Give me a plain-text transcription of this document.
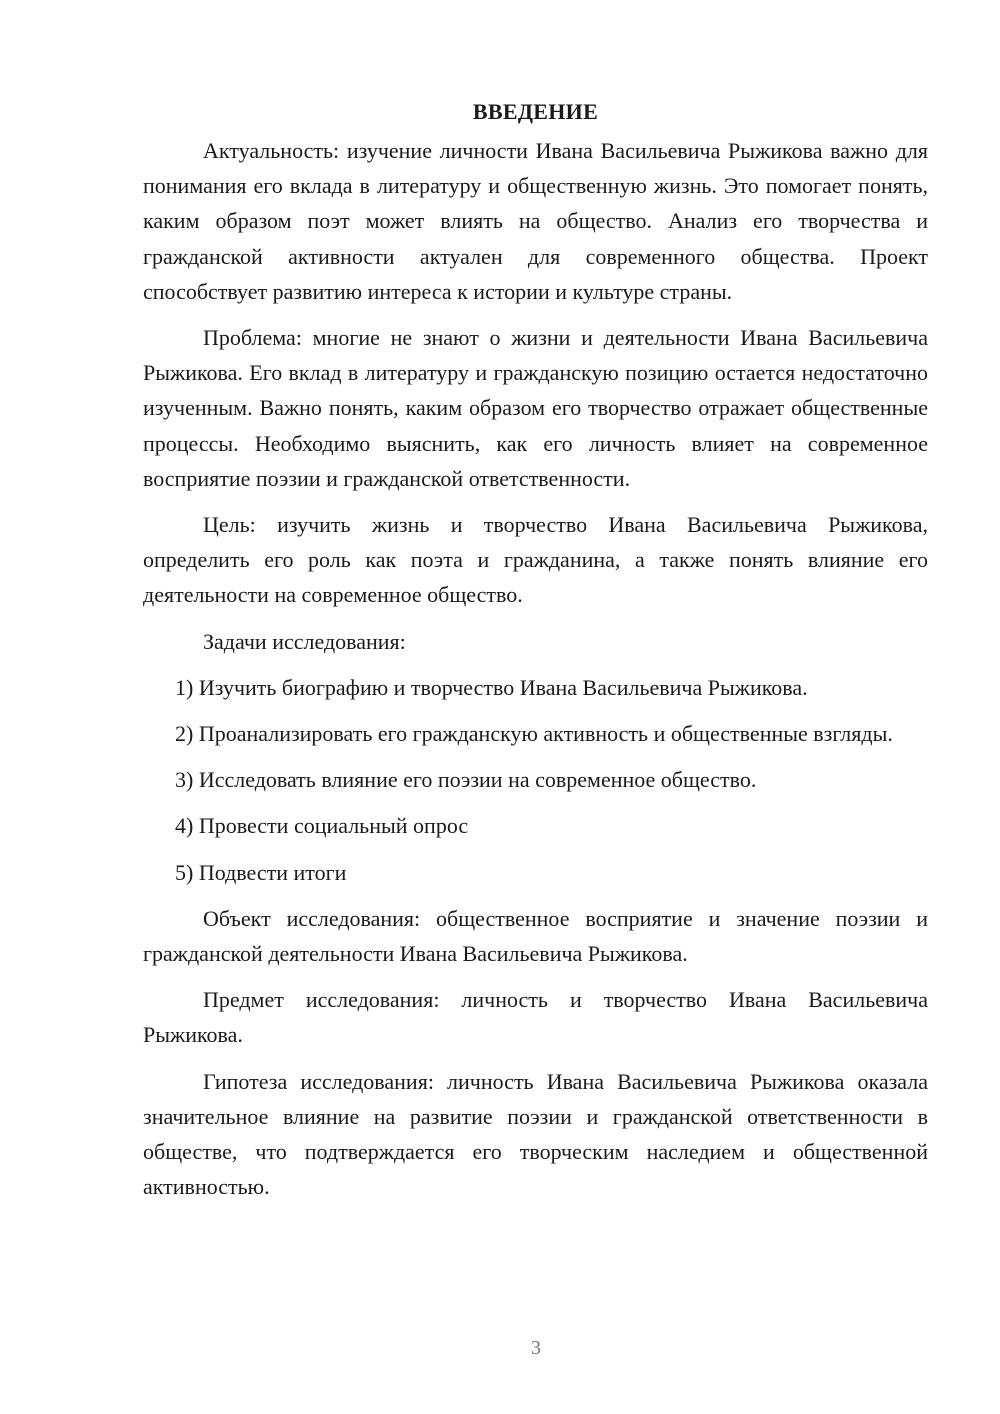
ВВЕДЕНИЕ

Актуальность: изучение личности Ивана Васильевича Рыжикова важно для понимания его вклада в литературу и общественную жизнь. Это помогает понять, каким образом поэт может влиять на общество. Анализ его творчества и гражданской активности актуален для современного общества. Проект способствует развитию интереса к истории и культуре страны.

Проблема: многие не знают о жизни и деятельности Ивана Васильевича Рыжикова. Его вклад в литературу и гражданскую позицию остается недостаточно изученным. Важно понять, каким образом его творчество отражает общественные процессы. Необходимо выяснить, как его личность влияет на современное восприятие поэзии и гражданской ответственности.

Цель: изучить жизнь и творчество Ивана Васильевича Рыжикова, определить его роль как поэта и гражданина, а также понять влияние его деятельности на современное общество.

Задачи исследования:

1) Изучить биографию и творчество Ивана Васильевича Рыжикова.

2) Проанализировать его гражданскую активность и общественные взгляды.

3) Исследовать влияние его поэзии на современное общество.

4) Провести социальный опрос

5) Подвести итоги

Объект исследования: общественное восприятие и значение поэзии и гражданской деятельности Ивана Васильевича Рыжикова.

Предмет исследования: личность и творчество Ивана Васильевича Рыжикова.

Гипотеза исследования: личность Ивана Васильевича Рыжикова оказала значительное влияние на развитие поэзии и гражданской ответственности в обществе, что подтверждается его творческим наследием и общественной активностью.

3
